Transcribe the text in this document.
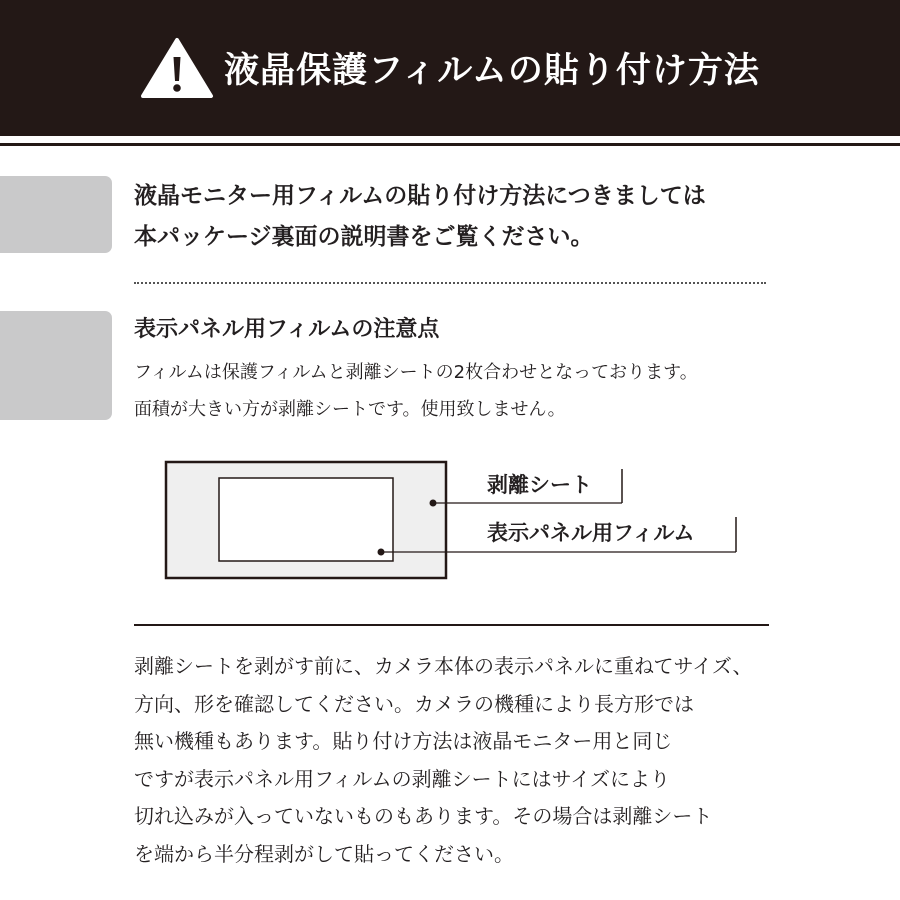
液晶保護フィルムの貼り付け方法
液晶モニター用フィルムの貼り付け方法につきましては
本パッケージ裏面の説明書をご覧ください。
表示パネル用フィルムの注意点
フィルムは保護フィルムと剥離シートの2枚合わせとなっております。
面積が大きい方が剥離シートです。使用致しません。
剥離シート
表示パネル用フィルム
剥離シートを剥がす前に、カメラ本体の表示パネルに重ねてサイズ、
方向、形を確認してください。カメラの機種により長方形では
無い機種もあります。貼り付け方法は液晶モニター用と同じ
ですが表示パネル用フィルムの剥離シートにはサイズにより
切れ込みが入っていないものもあります。その場合は剥離シート
を端から半分程剥がして貼ってください。
